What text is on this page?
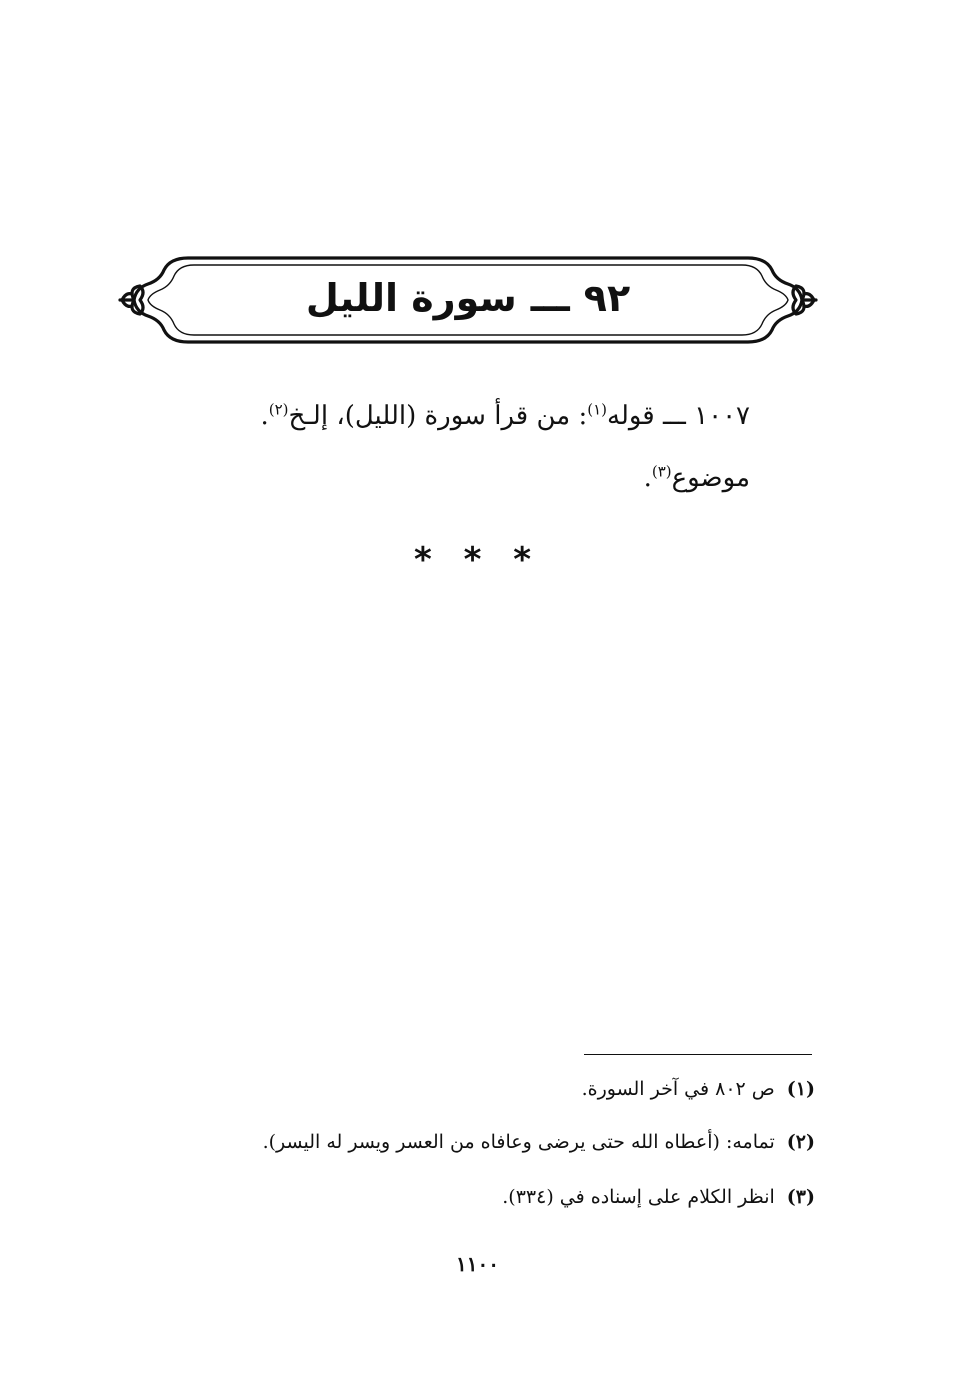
٩٢ـــسورة الليل
١٠٠٧ ـــ قوله$^{(١)}$: من قرأ سورة (الليل)، إلـخ$^{(٢)}$.
موضوع$^{(٣)}$.
* * *
(١)ص ٨٠٢ في آخر السورة.
(٢)تمامه: (أعطاه الله حتى يرضى وعافاه من العسر ويسر له اليسر).
(٣)انظر الكلام على إسناده في (٣٣٤).
١١٠٠
